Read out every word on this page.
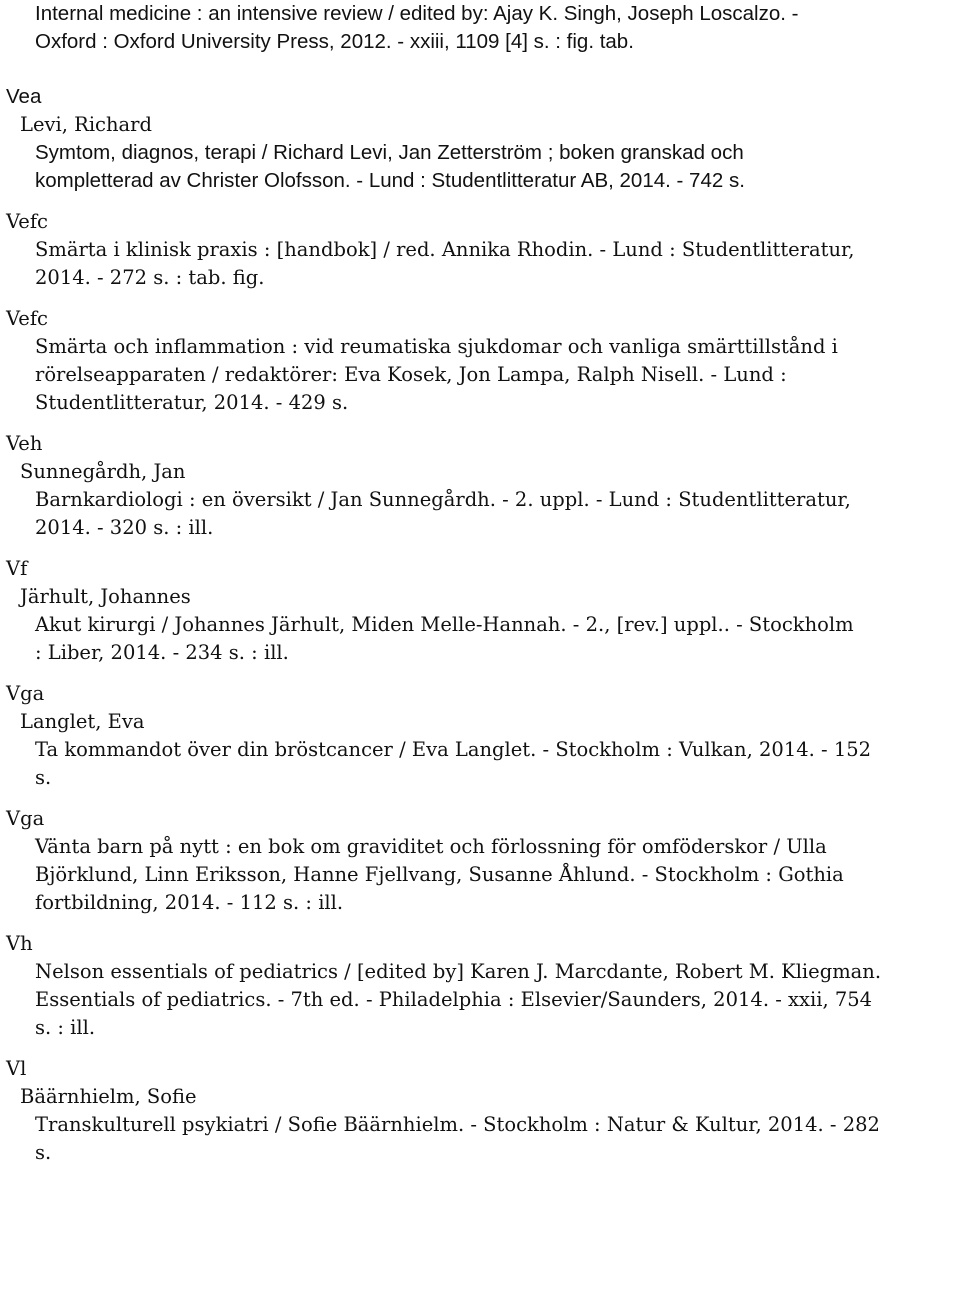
Internal medicine : an intensive review / edited by: Ajay K. Singh, Joseph Loscalzo. -
Oxford : Oxford University Press, 2012. - xxiii, 1109 [4] s. : fig. tab.
Vea
Levi, Richard
Symtom, diagnos, terapi / Richard Levi, Jan Zetterström ; boken granskad och
kompletterad av Christer Olofsson. - Lund : Studentlitteratur AB, 2014. - 742 s.
Vefc
Smärta i klinisk praxis : [handbok] / red. Annika Rhodin. - Lund : Studentlitteratur,
2014. - 272 s. : tab. fig.
Vefc
Smärta och inflammation : vid reumatiska sjukdomar och vanliga smärttillstånd i
rörelseapparaten / redaktörer: Eva Kosek, Jon Lampa, Ralph Nisell. - Lund :
Studentlitteratur, 2014. - 429 s.
Veh
Sunnegårdh, Jan
Barnkardiologi : en översikt / Jan Sunnegårdh. - 2. uppl. - Lund : Studentlitteratur,
2014. - 320 s. : ill.
Vf
Järhult, Johannes
Akut kirurgi / Johannes Järhult, Miden Melle-Hannah. - 2., [rev.] uppl.. - Stockholm
: Liber, 2014. - 234 s. : ill.
Vga
Langlet, Eva
Ta kommandot över din bröstcancer / Eva Langlet. - Stockholm : Vulkan, 2014. - 152
s.
Vga
Vänta barn på nytt : en bok om graviditet och förlossning för omföderskor / Ulla
Björklund, Linn Eriksson, Hanne Fjellvang, Susanne Åhlund. - Stockholm : Gothia
fortbildning, 2014. - 112 s. : ill.
Vh
Nelson essentials of pediatrics / [edited by] Karen J. Marcdante, Robert M. Kliegman.
Essentials of pediatrics. - 7th ed. - Philadelphia : Elsevier/Saunders, 2014. - xxii, 754
s. : ill.
Vl
Bäärnhielm, Sofie
Transkulturell psykiatri / Sofie Bäärnhielm. - Stockholm : Natur & Kultur, 2014. - 282
s.
